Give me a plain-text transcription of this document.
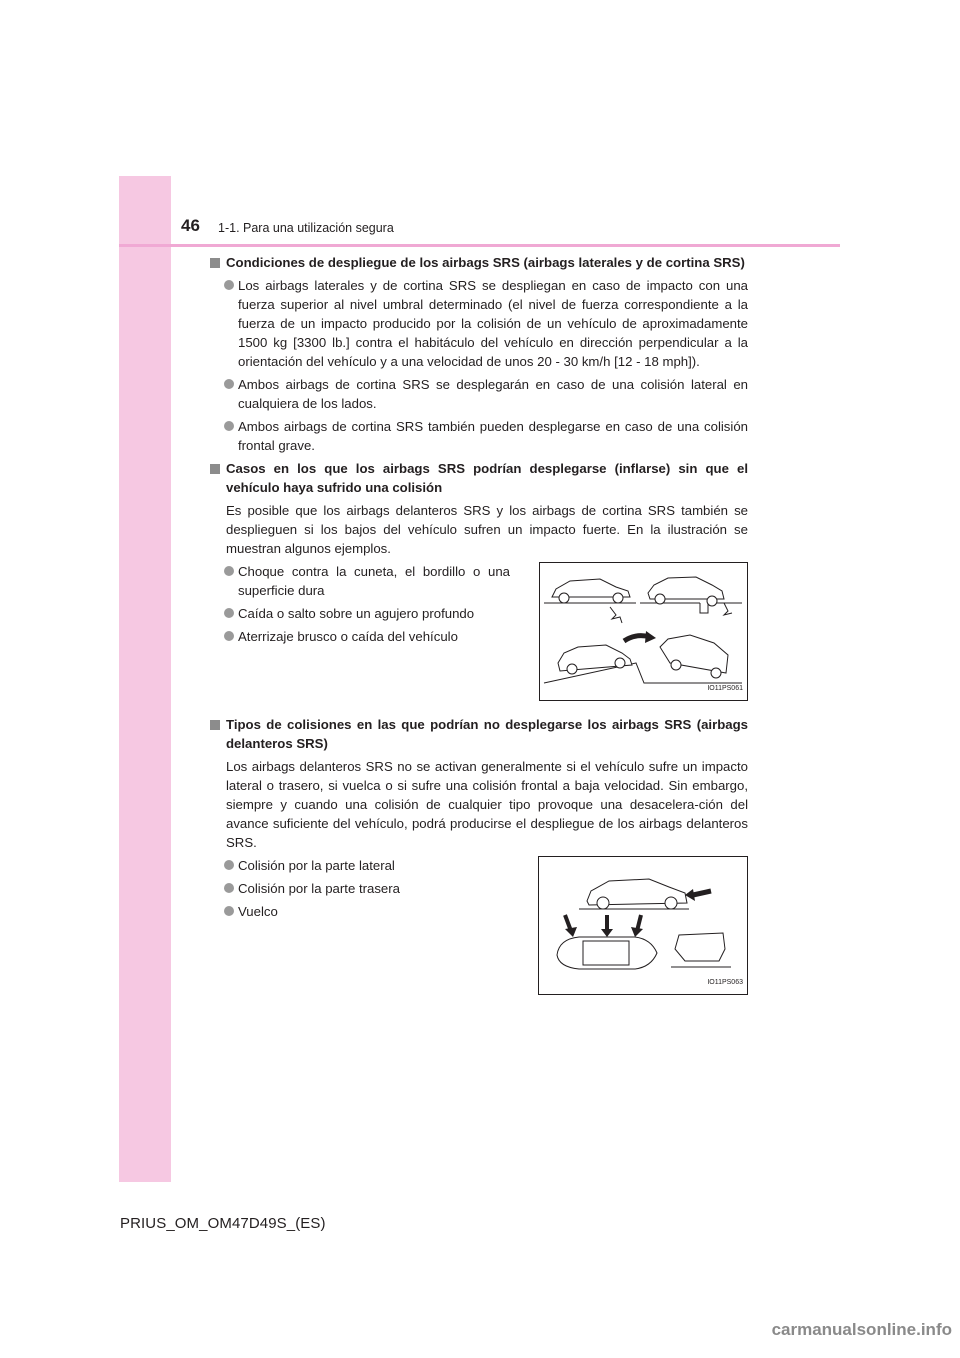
46 1-1. Para una utilización segura
Condiciones de despliegue de los airbags SRS (airbags laterales y de cortina SRS)
Los airbags laterales y de cortina SRS se despliegan en caso de impacto con una fuerza superior al nivel umbral determinado (el nivel de fuerza correspondiente a la fuerza de un impacto producido por la colisión de un vehículo de aproximadamente 1500 kg [3300 lb.] contra el habitáculo del vehículo en dirección perpendicular a la orientación del vehículo y a una velocidad de unos 20 - 30 km/h [12 - 18 mph]).
Ambos airbags de cortina SRS se desplegarán en caso de una colisión lateral en cualquiera de los lados.
Ambos airbags de cortina SRS también pueden desplegarse en caso de una colisión frontal grave.
Casos en los que los airbags SRS podrían desplegarse (inflarse) sin que el vehículo haya sufrido una colisión
Es posible que los airbags delanteros SRS y los airbags de cortina SRS también se desplieguen si los bajos del vehículo sufren un impacto fuerte. En la ilustración se muestran algunos ejemplos.
Choque contra la cuneta, el bordillo o una superficie dura
Caída o salto sobre un agujero profundo
Aterrizaje brusco o caída del vehículo
IO11PS061
Tipos de colisiones en las que podrían no desplegarse los airbags SRS (airbags delanteros SRS)
Los airbags delanteros SRS no se activan generalmente si el vehículo sufre un impacto lateral o trasero, si vuelca o si sufre una colisión frontal a baja velocidad. Sin embargo, siempre y cuando una colisión de cualquier tipo provoque una desacelera-ción del avance suficiente del vehículo, podrá producirse el despliegue de los airbags delanteros SRS.
Colisión por la parte lateral
Colisión por la parte trasera
Vuelco
IO11PS063
PRIUS_OM_OM47D49S_(ES)
carmanualsonline.info
